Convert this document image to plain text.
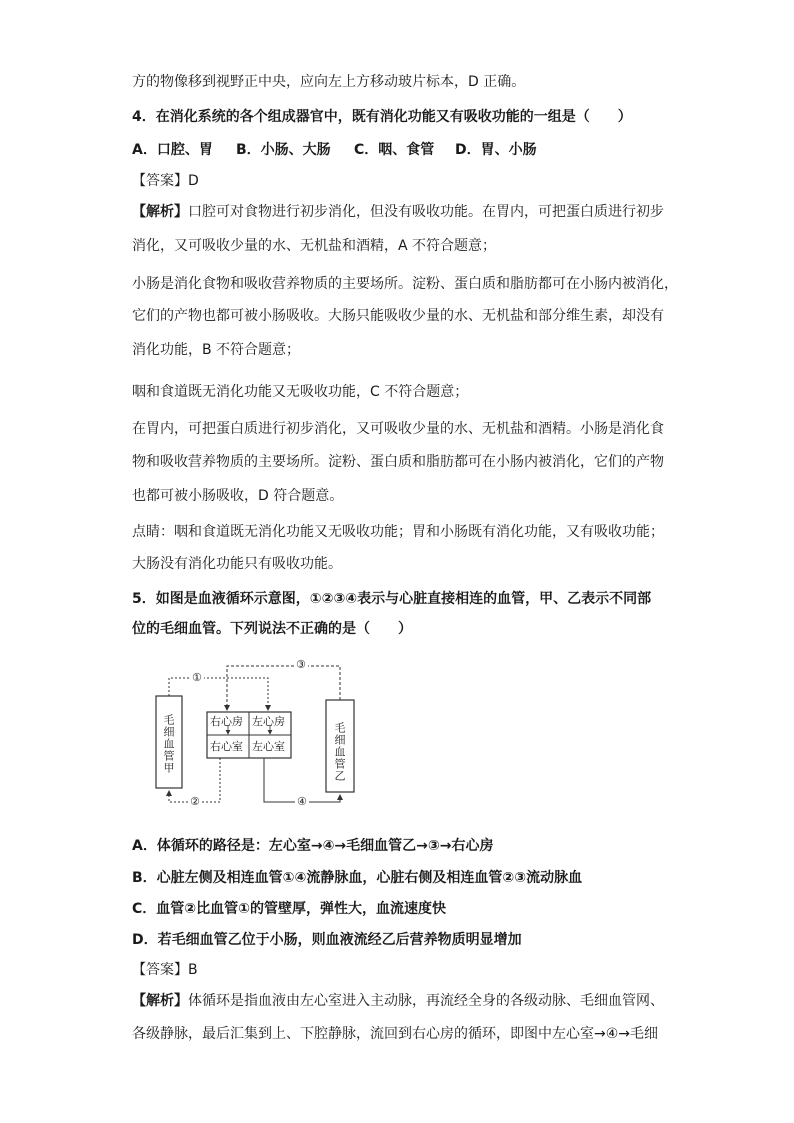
方的物像移到视野正中央，应向左上方移动玻片标本，D 正确。
4．在消化系统的各个组成器官中，既有消化功能又有吸收功能的一组是（　　）
A．口腔、胃 B．小肠、大肠 C．咽、食管 D．胃、小肠
【答案】D
【解析】口腔可对食物进行初步消化，但没有吸收功能。在胃内，可把蛋白质进行初步
消化，又可吸收少量的水、无机盐和酒精，A 不符合题意；
小肠是消化食物和吸收营养物质的主要场所。淀粉、蛋白质和脂肪都可在小肠内被消化，
它们的产物也都可被小肠吸收。大肠只能吸收少量的水、无机盐和部分维生素，却没有
消化功能，B 不符合题意；
咽和食道既无消化功能又无吸收功能，C 不符合题意；
在胃内，可把蛋白质进行初步消化，又可吸收少量的水、无机盐和酒精。小肠是消化食
物和吸收营养物质的主要场所。淀粉、蛋白质和脂肪都可在小肠内被消化，它们的产物
也都可被小肠吸收，D 符合题意。
点睛：咽和食道既无消化功能又无吸收功能；胃和小肠既有消化功能，又有吸收功能；
大肠没有消化功能只有吸收功能。
5．如图是血液循环示意图，①②③④表示与心脏直接相连的血管，甲、乙表示不同部
位的毛细血管。下列说法不正确的是（　　）
毛细血管甲	毛细血管乙
右心房 左心房
右心室 左心室
①
③
②	④
A．体循环的路径是：左心室→④→毛细血管乙→③→右心房
B．心脏左侧及相连血管①④流静脉血，心脏右侧及相连血管②③流动脉血
C．血管②比血管①的管壁厚，弹性大，血流速度快
D．若毛细血管乙位于小肠，则血液流经乙后营养物质明显增加
【答案】B
【解析】体循环是指血液由左心室进入主动脉，再流经全身的各级动脉、毛细血管网、
各级静脉，最后汇集到上、下腔静脉，流回到右心房的循环，即图中左心室→④→毛细
